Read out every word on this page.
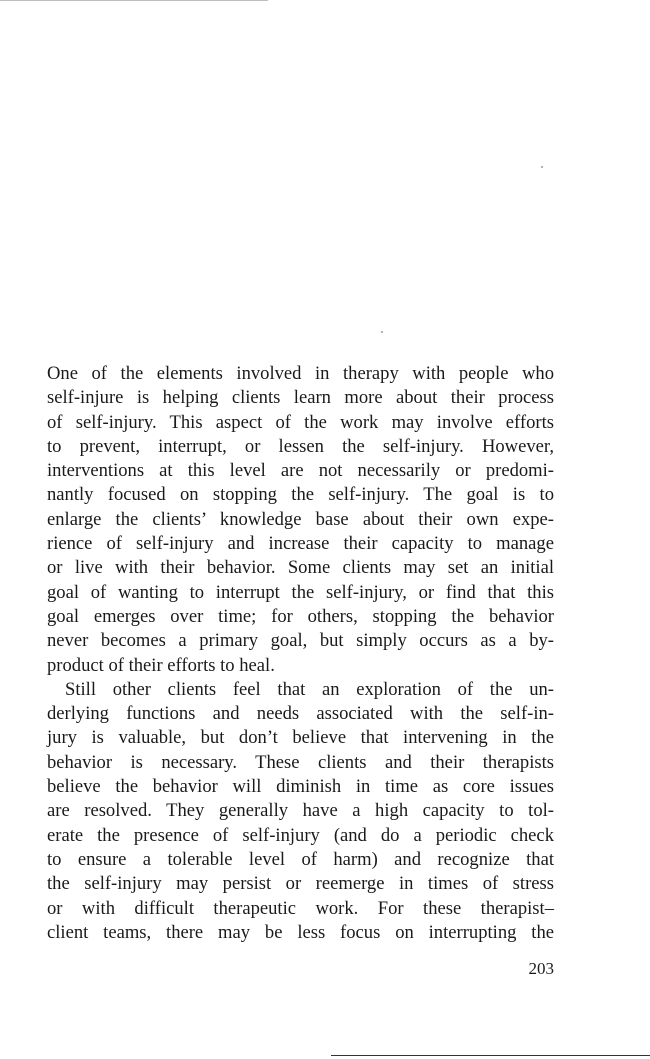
One of the elements involved in therapy with people who
self-injure is helping clients learn more about their process
of self-injury. This aspect of the work may involve efforts
to prevent, interrupt, or lessen the self-injury. However,
interventions at this level are not necessarily or predomi-
nantly focused on stopping the self-injury. The goal is to
enlarge the clients’ knowledge base about their own expe-
rience of self-injury and increase their capacity to manage
or live with their behavior. Some clients may set an initial
goal of wanting to interrupt the self-injury, or find that this
goal emerges over time; for others, stopping the behavior
never becomes a primary goal, but simply occurs as a by-
product of their efforts to heal.
Still other clients feel that an exploration of the un-
derlying functions and needs associated with the self-in-
jury is valuable, but don’t believe that intervening in the
behavior is necessary. These clients and their therapists
believe the behavior will diminish in time as core issues
are resolved. They generally have a high capacity to tol-
erate the presence of self-injury (and do a periodic check
to ensure a tolerable level of harm) and recognize that
the self-injury may persist or reemerge in times of stress
or with difficult therapeutic work. For these therapist–
client teams, there may be less focus on interrupting the
203
